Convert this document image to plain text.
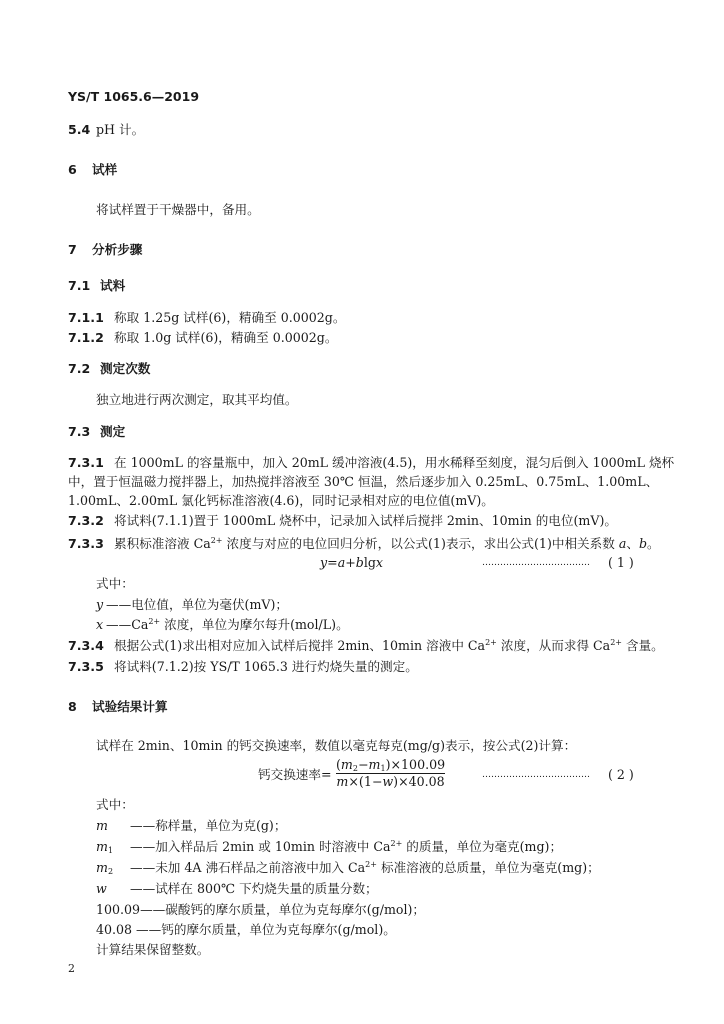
YS/T 1065.6—2019
5.4 pH 计。
6 试样
将试样置于干燥器中，备用。
7 分析步骤
7.1 试料
7.1.1 称取 1.25g 试样(6)，精确至 0.0002g。
7.1.2 称取 1.0g 试样(6)，精确至 0.0002g。
7.2 测定次数
独立地进行两次测定，取其平均值。
7.3 测定
7.3.1 在 1000mL 的容量瓶中，加入 20mL 缓冲溶液(4.5)，用水稀释至刻度，混匀后倒入 1000mL 烧杯
中，置于恒温磁力搅拌器上，加热搅拌溶液至 30℃ 恒温，然后逐步加入 0.25mL、0.75mL、1.00mL、
1.00mL、2.00mL 氯化钙标准溶液(4.6)，同时记录相对应的电位值(mV)。
7.3.2 将试料(7.1.1)置于 1000mL 烧杯中，记录加入试样后搅拌 2min、10min 的电位(mV)。
7.3.3 累积标准溶液 $Ca^{2+}$ 浓度与对应的电位回归分析，以公式(1)表示，求出公式(1)中相关系数 a、b。
y=a+blgx	……………………………… ( 1 )
式中：
y ——电位值，单位为毫伏(mV)；
x $——Ca^{2+}$ 浓度，单位为摩尔每升(mol/L)。
7.3.4 根据公式(1)求出相对应加入试样后搅拌 2min、10min 溶液中 $Ca^{2+}$ 浓度，从而求得 $Ca^{2+}$ 含量。
7.3.5 将试料(7.1.2)按 YS/T 1065.3 进行灼烧失量的测定。
8 试验结果计算
试样在 2min、10min 的钙交换速率，数值以毫克每克(mg/g)表示，按公式(2)计算：
钙交换速率=
$(m_2-m_1)\times 100.09$
m×(1−w)×40.08	……………………………… ( 2 )
式中：
m ——称样量，单位为克(g)；
$m_1$ ——加入样品后 2min 或 10min 时溶液中 $Ca^{2+}$ 的质量，单位为毫克(mg)；
$m_2$ ——未加 4A 沸石样品之前溶液中加入 $Ca^{2+}$ 标准溶液的总质量，单位为毫克(mg)；
w ——试样在 800℃ 下灼烧失量的质量分数；
100.09——碳酸钙的摩尔质量，单位为克每摩尔(g/mol)；
40.08 ——钙的摩尔质量，单位为克每摩尔(g/mol)。
计算结果保留整数。
2
